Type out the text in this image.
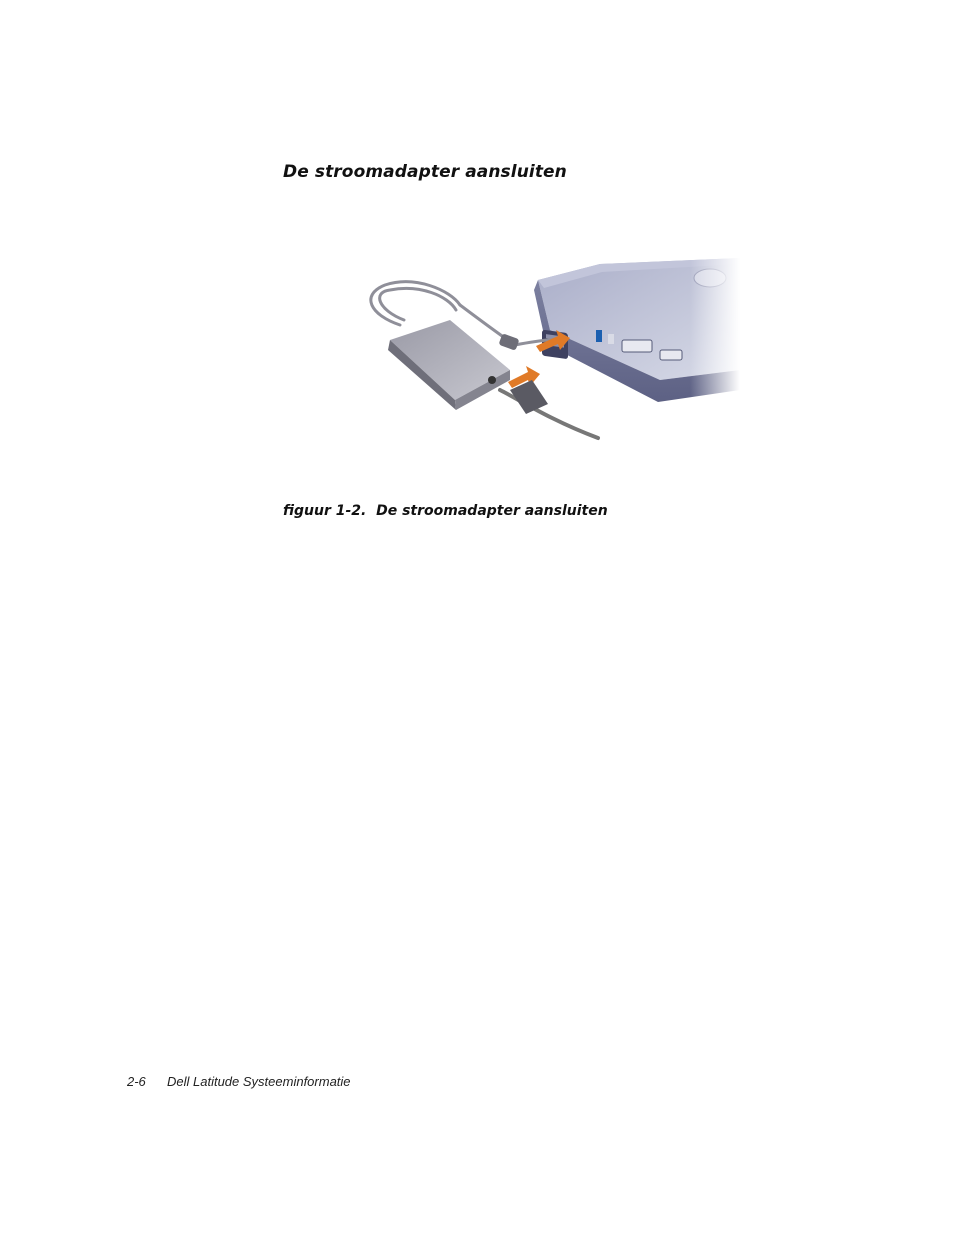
De stroomadapter aansluiten

figuur 1-2.  De stroomadapter aansluiten

2-6 Dell Latitude Systeeminformatie
